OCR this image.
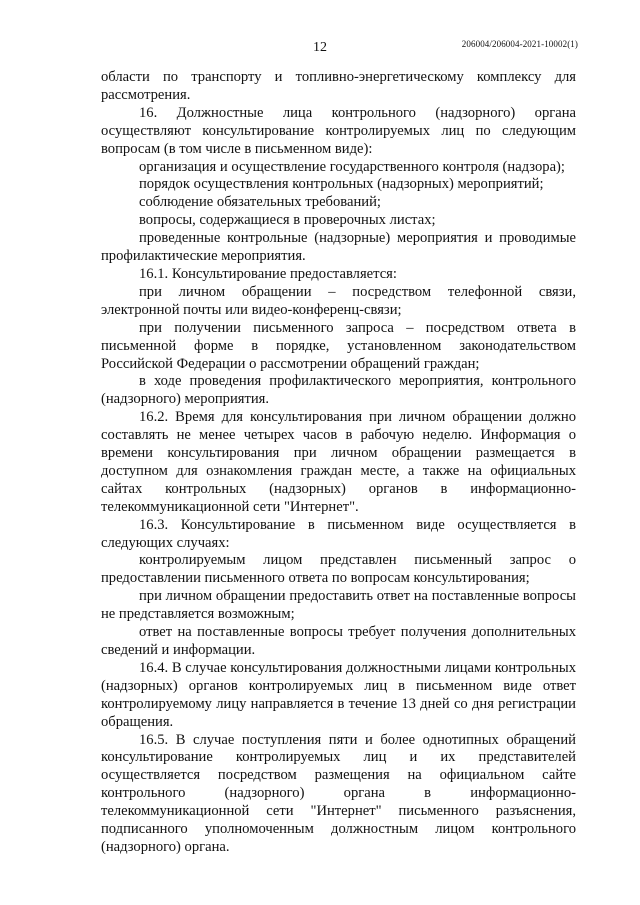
12	206004/206004-2021-10002(1)

области по транспорту и топливно-энергетическому комплексу для рассмотрения.

16. Должностные лица контрольного (надзорного) органа осуществляют консультирование контролируемых лиц по следующим вопросам (в том числе в письменном виде):

организация и осуществление государственного контроля (надзора);

порядок осуществления контрольных (надзорных) мероприятий;

соблюдение обязательных требований;

вопросы, содержащиеся в проверочных листах;

проведенные контрольные (надзорные) мероприятия и проводимые профилактические мероприятия.

16.1. Консультирование предоставляется:

при личном обращении – посредством телефонной связи, электронной почты или видео-конференц-связи;

при получении письменного запроса – посредством ответа в письменной форме в порядке, установленном законодательством Российской Федерации о рассмотрении обращений граждан;

в ходе проведения профилактического мероприятия, контрольного (надзорного) мероприятия.

16.2. Время для консультирования при личном обращении должно составлять не менее четырех часов в рабочую неделю. Информация о времени консультирования при личном обращении размещается в доступном для ознакомления граждан месте, а также на официальных сайтах контрольных (надзорных) органов в информационно-телекоммуникационной сети "Интернет".

16.3. Консультирование в письменном виде осуществляется в следующих случаях:

контролируемым лицом представлен письменный запрос о предоставлении письменного ответа по вопросам консультирования;

при личном обращении предоставить ответ на поставленные вопросы не представляется возможным;

ответ на поставленные вопросы требует получения дополнительных сведений и информации.

16.4. В случае консультирования должностными лицами контрольных (надзорных) органов контролируемых лиц в письменном виде ответ контролируемому лицу направляется в течение 13 дней со дня регистрации обращения.

16.5. В случае поступления пяти и более однотипных обращений консультирование контролируемых лиц и их представителей осуществляется посредством размещения на официальном сайте контрольного (надзорного) органа в информационно-телекоммуникационной сети "Интернет" письменного разъяснения, подписанного уполномоченным должностным лицом контрольного (надзорного) органа.
